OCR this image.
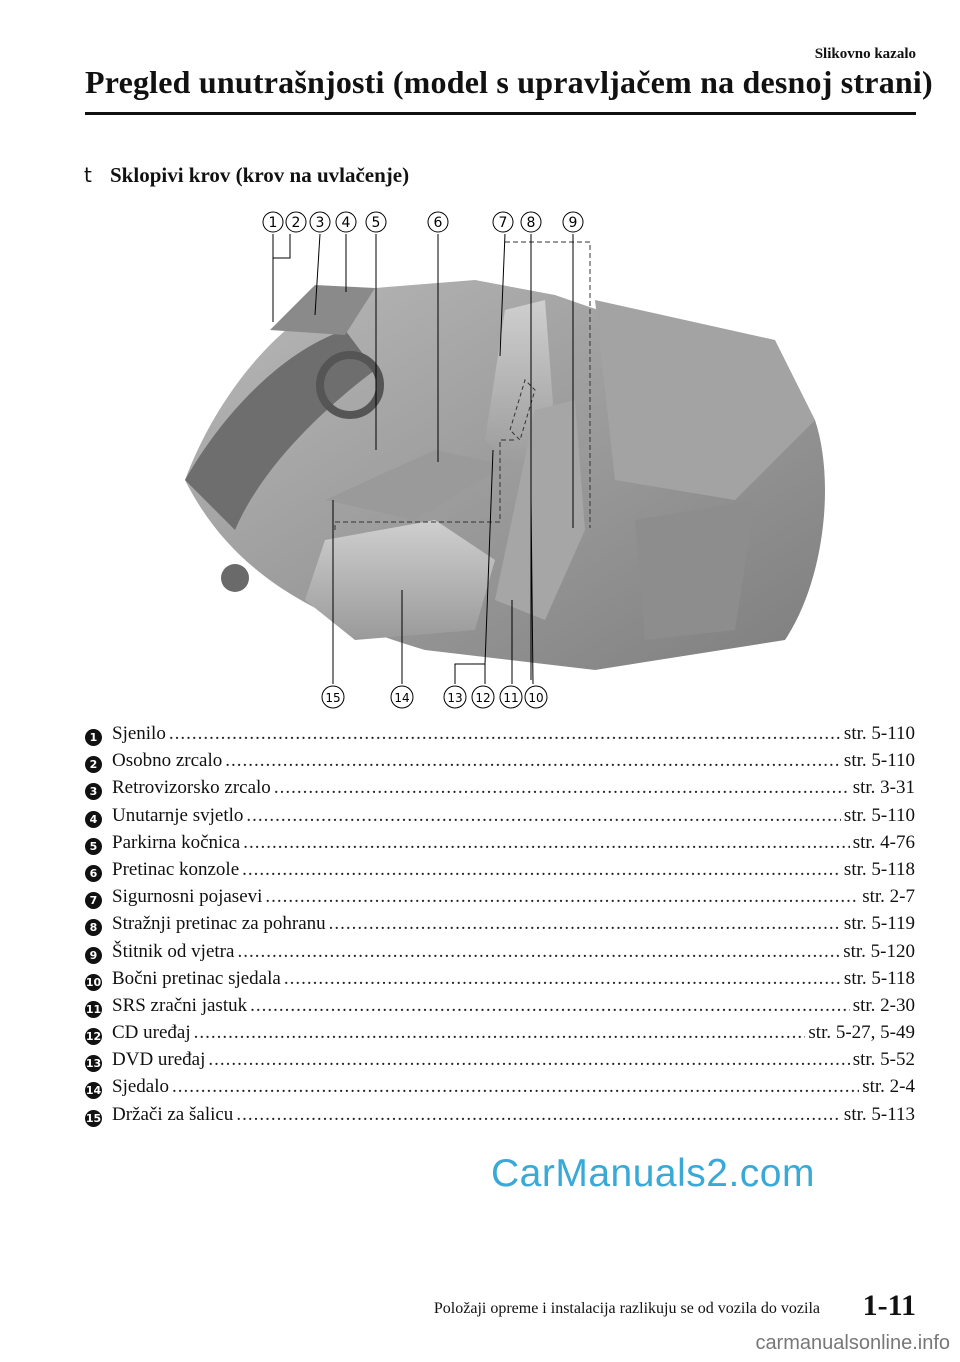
Slikovno kazalo
Pregled unutrašnjosti (model s upravljačem na desnoj strani)
t Sklopivi krov (krov na uvlačenje)
1 2 3 4 5	6	7 8 9
15	14	13 12 11 10
1 Sjenilo .....	str. 5-110
2 Osobno zrcalo .....	str. 5-110
3 Retrovizorsko zrcalo .....	str. 3-31
4 Unutarnje svjetlo .....	str. 5-110
5 Parkirna kočnica .....	str. 4-76
6 Pretinac konzole .....	str. 5-118
7 Sigurnosni pojasevi .....	str. 2-7
8 Stražnji pretinac za pohranu .....	str. 5-119
9 Štitnik od vjetra .....	str. 5-120
10 Bočni pretinac sjedala .....	str. 5-118
11 SRS zračni jastuk .....	str. 2-30
12 CD uređaj .....	str. 5-27, 5-49
13 DVD uređaj .....	str. 5-52
14 Sjedalo .....	str. 2-4
15 Držači za šalicu .....	str. 5-113
CarManuals2.com
Položaji opreme i instalacija razlikuju se od vozila do vozila 1-11
carmanualsonline.info
